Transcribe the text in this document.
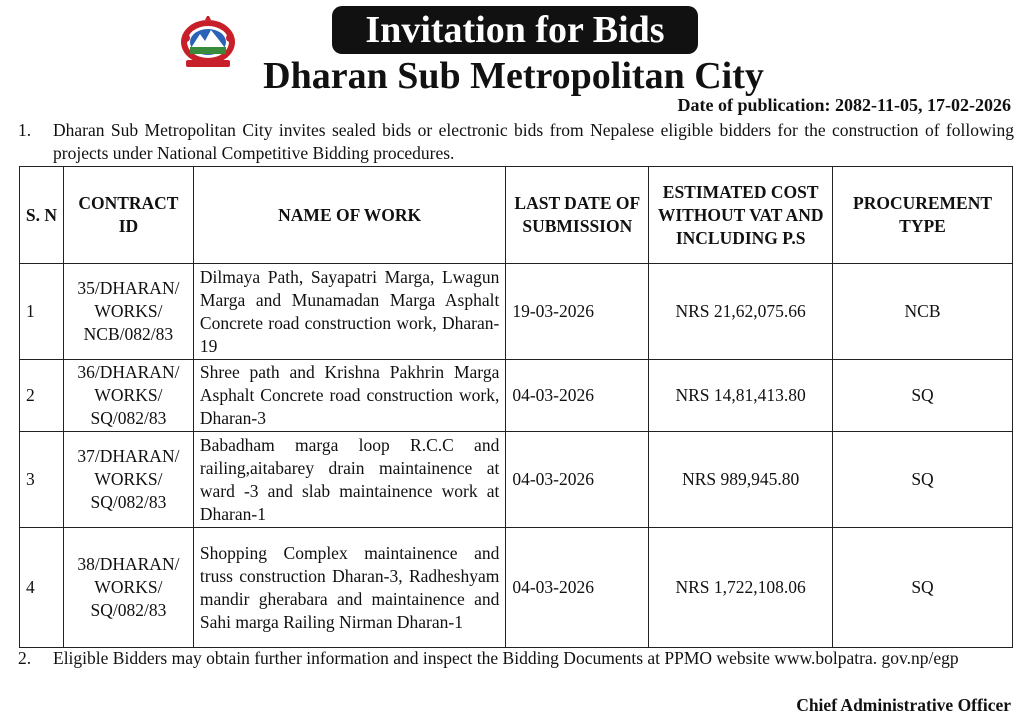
Invitation for Bids
Dharan Sub Metropolitan City
Date of publication: 2082-11-05, 17-02-2026
1. Dharan Sub Metropolitan City invites sealed bids or electronic bids from Nepalese eligible bidders for the construction of following projects under National Competitive Bidding procedures.
S. N	CONTRACT ID	NAME OF WORK	LAST DATE OF SUBMISSION	ESTIMATED COST WITHOUT VAT AND INCLUDING P.S	PROCUREMENT TYPE
1	35/DHARAN/ WORKS/ NCB/082/83	Dilmaya Path, Sayapatri Marga, Lwagun Marga and Munamadan Marga Asphalt Concrete road construction work, Dharan-19	19-03-2026	NRS 21,62,075.66	NCB
2	36/DHARAN/ WORKS/ SQ/082/83	Shree path and Krishna Pakhrin Marga Asphalt Concrete road construction work, Dharan-3	04-03-2026	NRS 14,81,413.80	SQ
3	37/DHARAN/ WORKS/ SQ/082/83	Babadham marga loop R.C.C and railing,aitabarey drain maintainence at ward -3 and slab maintainence work at Dharan-1	04-03-2026	NRS 989,945.80	SQ
4	38/DHARAN/ WORKS/ SQ/082/83	Shopping Complex maintainence and truss construction Dharan-3, Radheshyam mandir gherabara and maintainence and Sahi marga Railing Nirman Dharan-1	04-03-2026	NRS 1,722,108.06	SQ
2. Eligible Bidders may obtain further information and inspect the Bidding Documents at PPMO website www.bolpatra. gov.np/egp
Chief Administrative Officer
